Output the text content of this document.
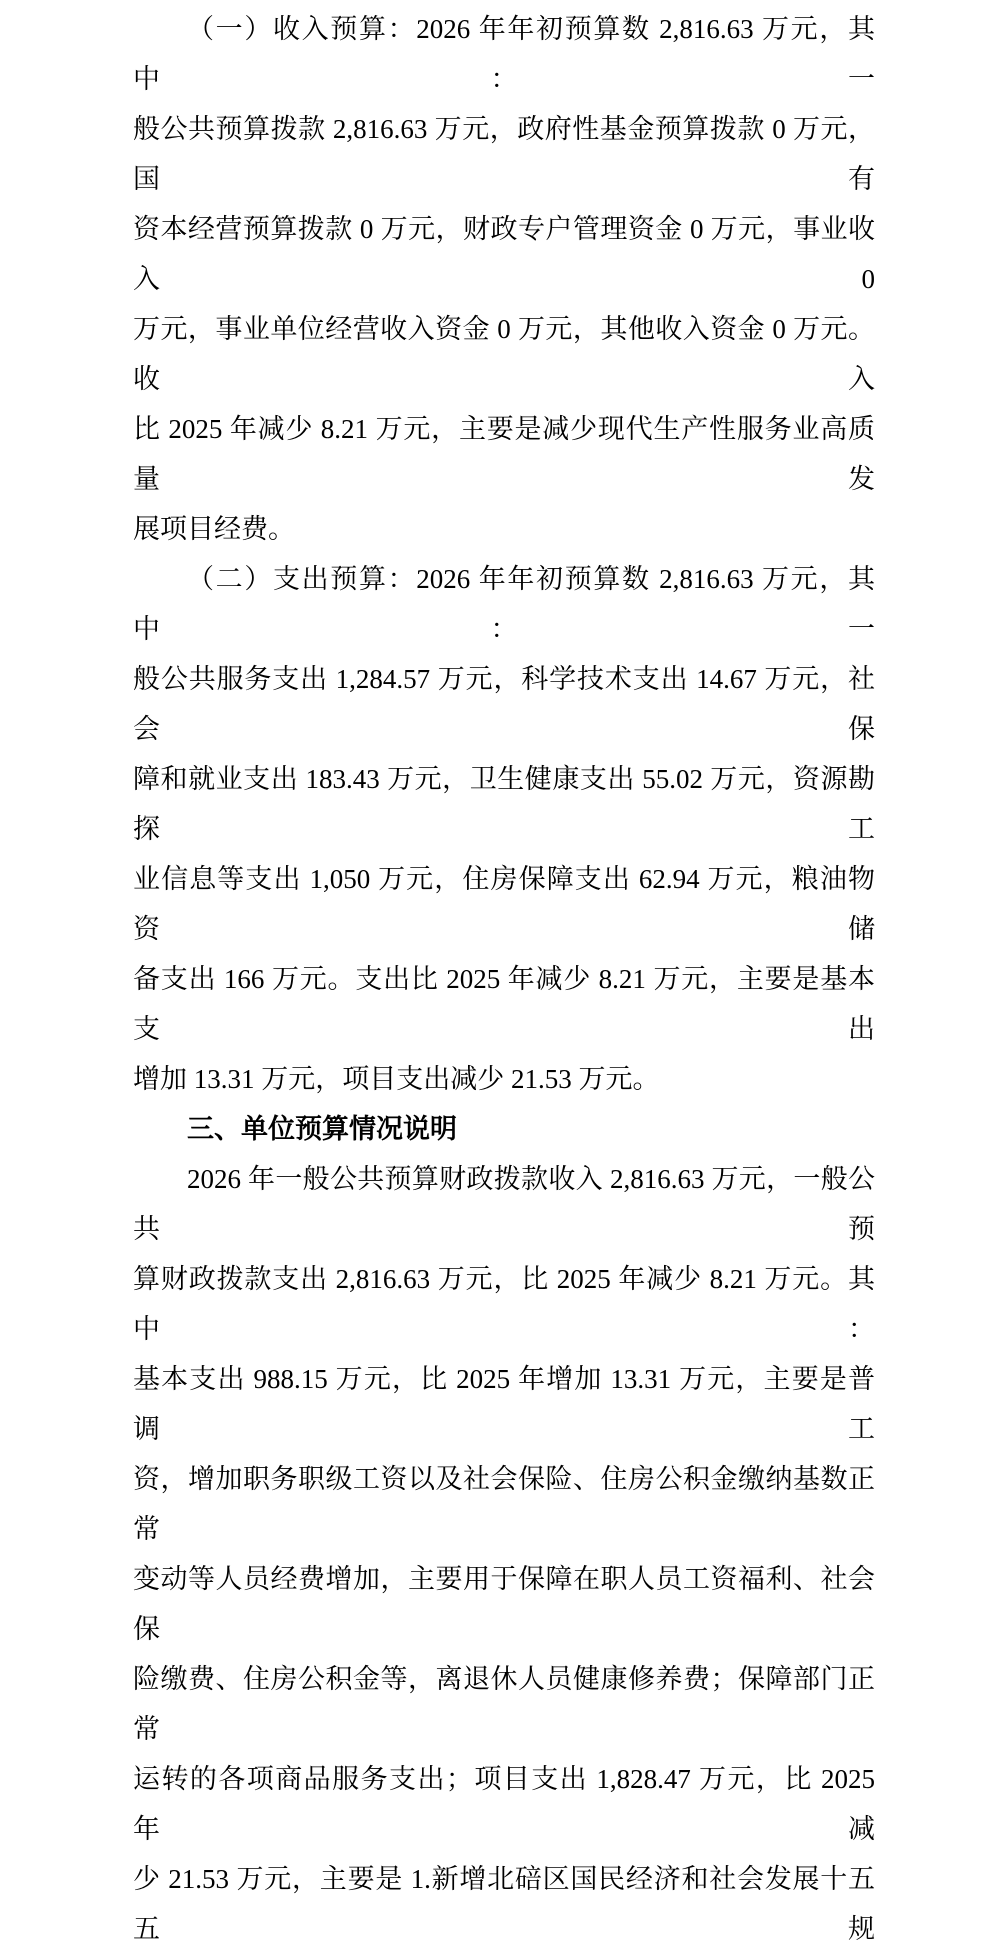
（一）收入预算：2026 年年初预算数 2,816.63 万元，其中：一
般公共预算拨款 2,816.63 万元，政府性基金预算拨款 0 万元，国有
资本经营预算拨款 0 万元，财政专户管理资金 0 万元，事业收入 0
万元，事业单位经营收入资金 0 万元，其他收入资金 0 万元。收入
比 2025 年减少 8.21 万元，主要是减少现代生产性服务业高质量发
展项目经费。
（二）支出预算：2026 年年初预算数 2,816.63 万元，其中：一
般公共服务支出 1,284.57 万元，科学技术支出 14.67 万元，社会保
障和就业支出 183.43 万元，卫生健康支出 55.02 万元，资源勘探工
业信息等支出 1,050 万元，住房保障支出 62.94 万元，粮油物资储
备支出 166 万元。支出比 2025 年减少 8.21 万元，主要是基本支出
增加 13.31 万元，项目支出减少 21.53 万元。
三、单位预算情况说明
2026 年一般公共预算财政拨款收入 2,816.63 万元，一般公共预
算财政拨款支出 2,816.63 万元，比 2025 年减少 8.21 万元。其中：
基本支出 988.15 万元，比 2025 年增加 13.31 万元，主要是普调工
资，增加职务职级工资以及社会保险、住房公积金缴纳基数正常
变动等人员经费增加，主要用于保障在职人员工资福利、社会保
险缴费、住房公积金等，离退休人员健康修养费；保障部门正常
运转的各项商品服务支出；项目支出 1,828.47 万元，比 2025 年减
少 21.53 万元，主要是 1.新增北碚区国民经济和社会发展十五五规
